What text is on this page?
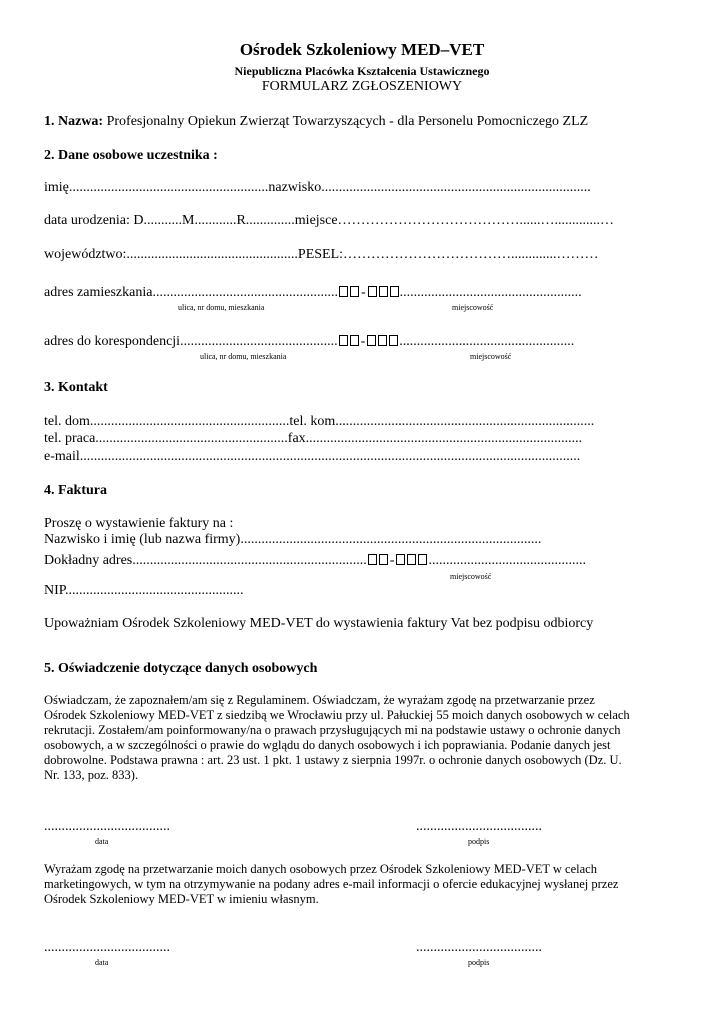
Ośrodek Szkoleniowy MED–VET
Niepubliczna Placówka Kształcenia Ustawicznego
FORMULARZ ZGŁOSZENIOWY
1. Nazwa: Profesjonalny Opiekun Zwierząt Towarzyszących - dla Personelu Pomocniczego ZLZ
2. Dane osobowe uczestnika :
imię.........................................................nazwisko.............................................................................
data urodzenia: D...........M............R..............miejsce…………………………………......….............…
województwo:.................................................PESEL:……………………………….............………
adres zamieszkania..................................................... - ....................................................
ulica, nr domu, mieszkania	miejscowość
adres do korespondencji............................................. - ..................................................
ulica, nr domu, mieszkania	miejscowość
3. Kontakt
tel. dom.........................................................tel. kom..........................................................................
tel. praca.......................................................fax...............................................................................
e-mail...............................................................................................................................................
4. Faktura
Proszę o wystawienie faktury na :
Nazwisko i imię (lub nazwa firmy)......................................................................................
Dokładny adres................................................................... - .............................................
miejscowość
NIP...................................................
Upoważniam Ośrodek Szkoleniowy MED-VET do wystawienia faktury Vat bez podpisu odbiorcy
5. Oświadczenie dotyczące danych osobowych
Oświadczam, że zapoznałem/am się z Regulaminem. Oświadczam, że wyrażam zgodę na przetwarzanie przez
Ośrodek Szkoleniowy MED-VET z siedzibą we Wrocławiu przy ul. Pałuckiej 55 moich danych osobowych w celach
rekrutacji. Zostałem/am poinformowany/na o prawach przysługujących mi na podstawie ustawy o ochronie danych
osobowych, a w szczególności o prawie do wglądu do danych osobowych i ich poprawiania. Podanie danych jest
dobrowolne. Podstawa prawna : art. 23 ust. 1 pkt. 1 ustawy z sierpnia 1997r. o ochronie danych osobowych (Dz. U.
Nr. 133, poz. 833).
....................................
data
....................................
podpis
Wyrażam zgodę na przetwarzanie moich danych osobowych przez Ośrodek Szkoleniowy MED-VET w celach
marketingowych, w tym na otrzymywanie na podany adres e-mail informacji o ofercie edukacyjnej wysłanej przez
Ośrodek Szkoleniowy MED-VET w imieniu własnym.
....................................
data
....................................
podpis
